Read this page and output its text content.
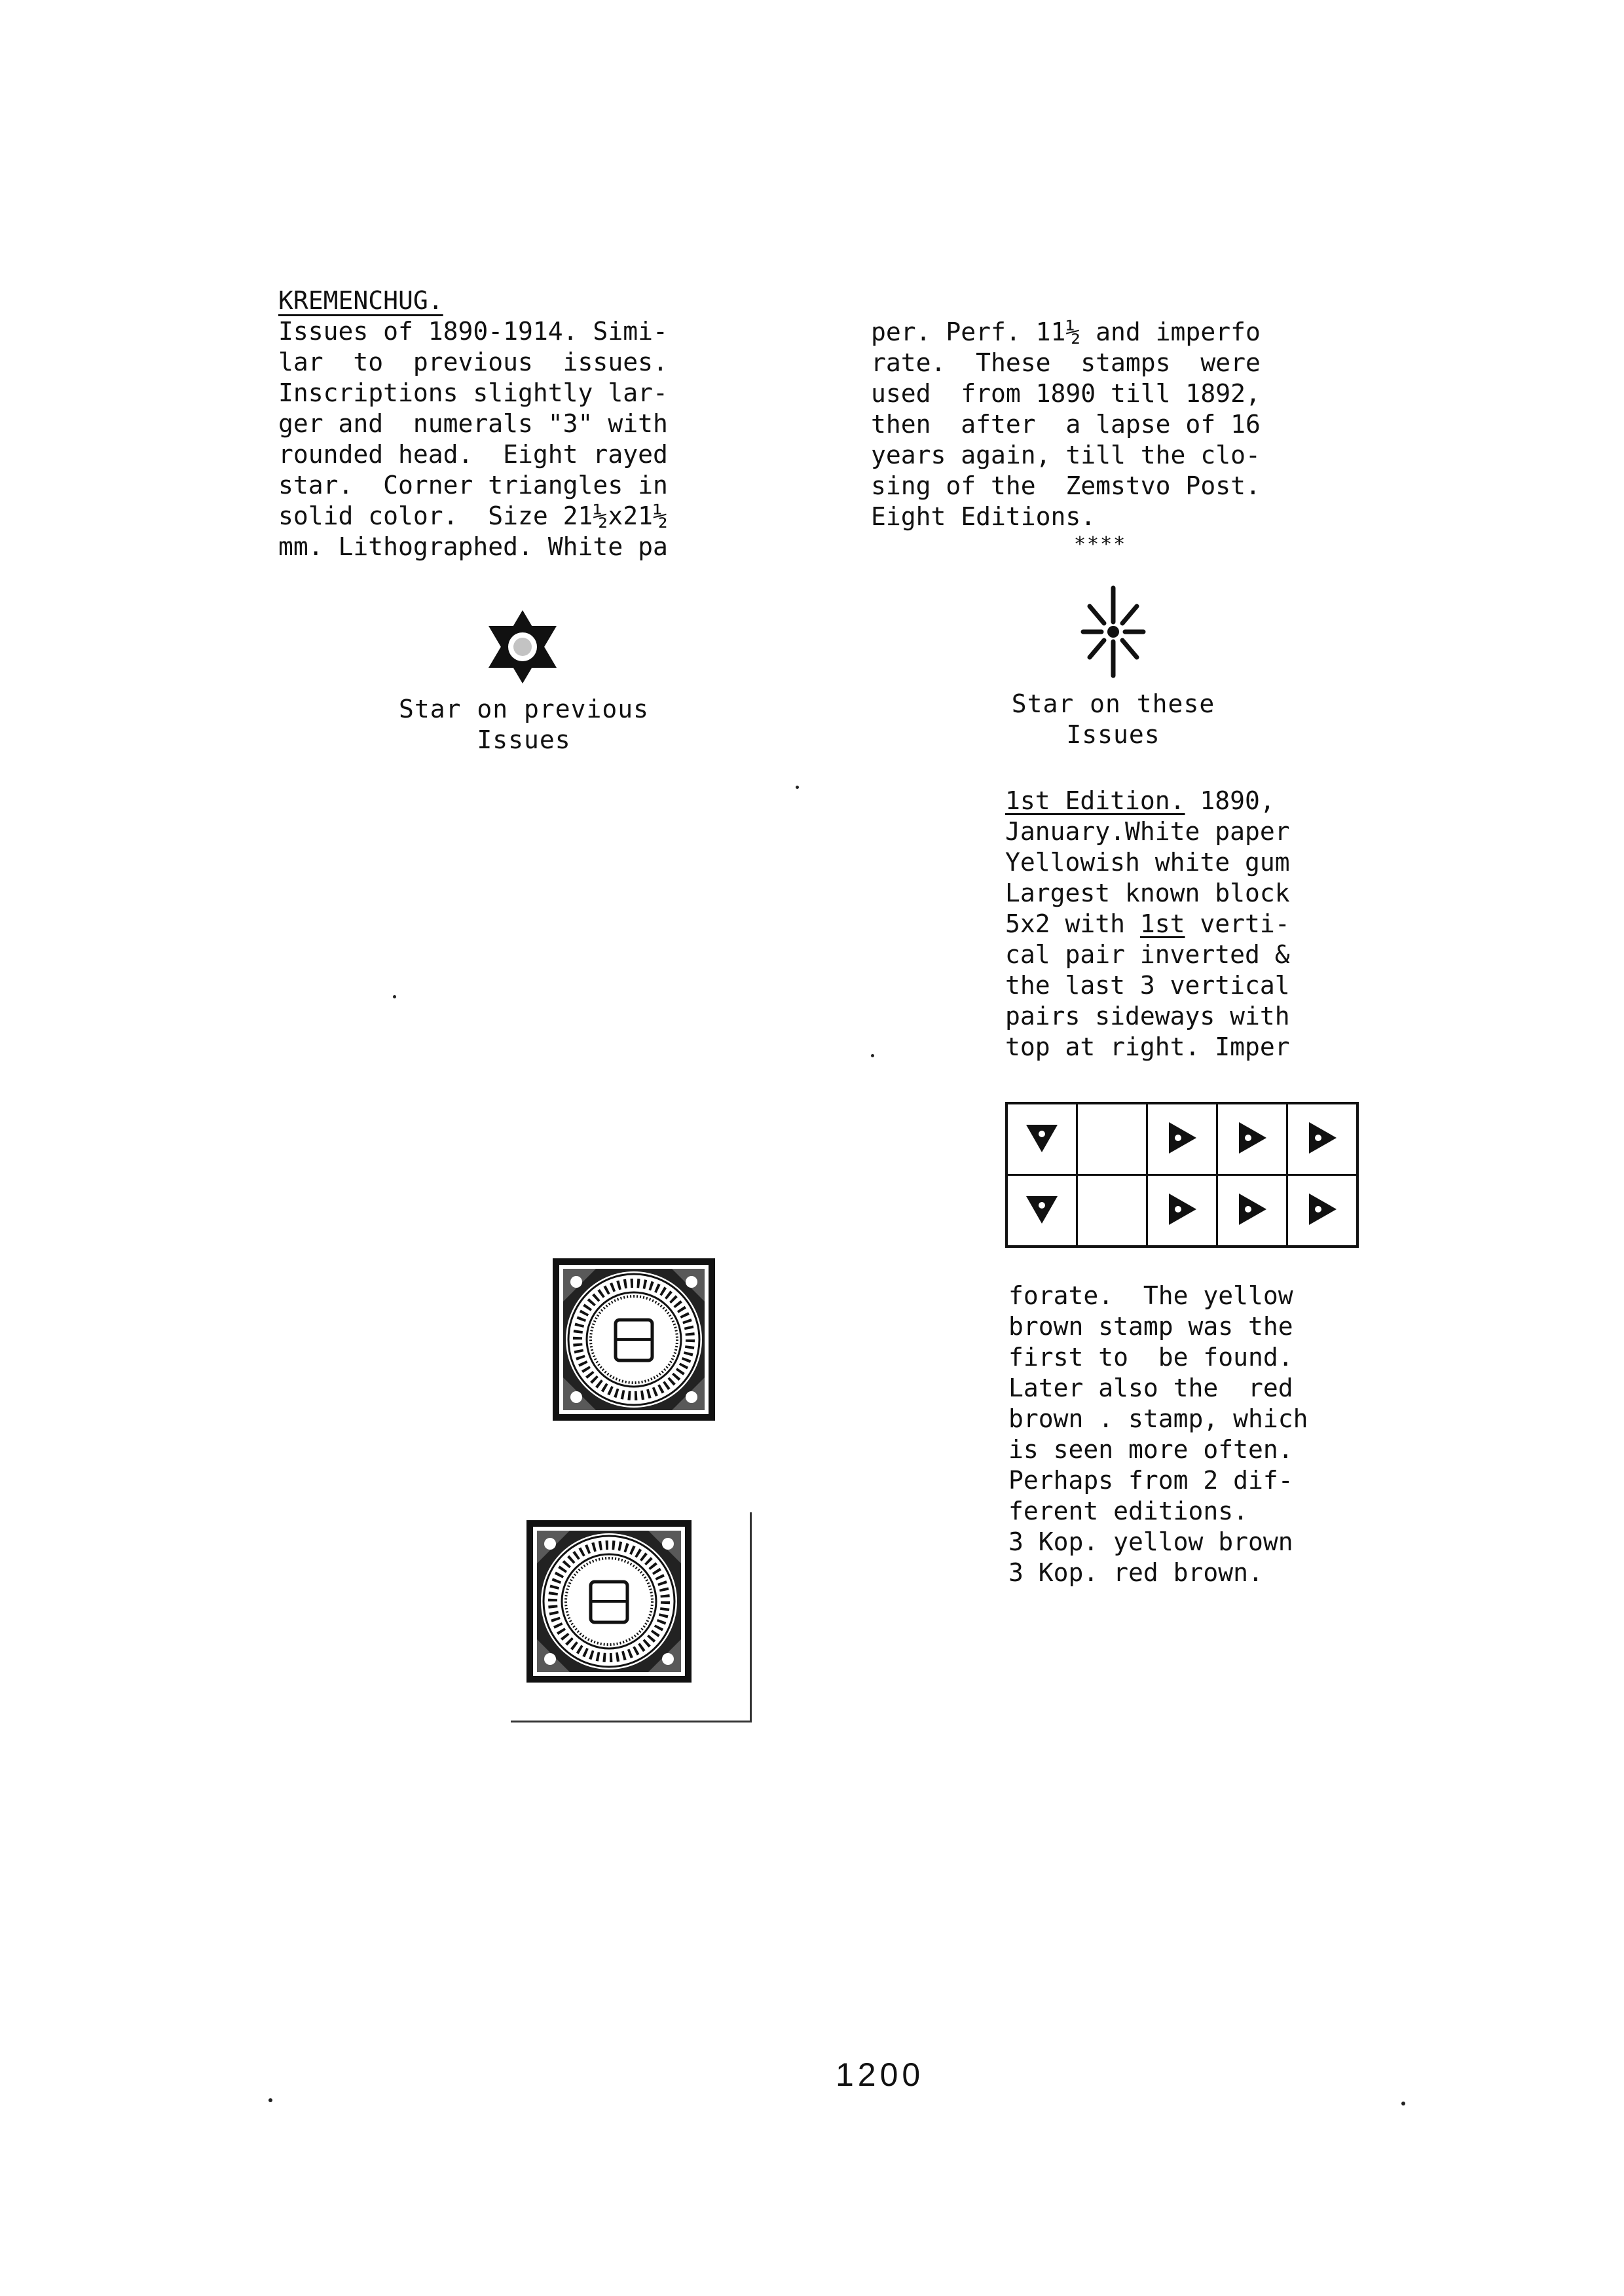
KREMENCHUG.
Issues of 1890-1914. Simi-
lar  to  previous  issues.
Inscriptions slightly lar-
ger and  numerals "3" with
rounded head.  Eight rayed
star.  Corner triangles in
solid color.  Size 21½x21½
mm. Lithographed. White pa
per. Perf. 11½ and imperfo
rate.  These  stamps  were
used  from 1890 till 1892,
then  after  a lapse of 16
years again, till the clo-
sing of the  Zemstvo Post.
Eight Editions.
****
Star on previous
Issues
Star on these
Issues
1st Edition. 1890,
January.White paper
Yellowish white gum
Largest known block
5x2 with 1st verti-
cal pair inverted &
the last 3 vertical
pairs sideways with
top at right. Imper

forate.  The yellow
brown stamp was the
first to  be found.
Later also the  red
brown . stamp, which
is seen more often.
Perhaps from 2 dif-
ferent editions.
3 Kop. yellow brown
3 Kop. red brown.
1200
